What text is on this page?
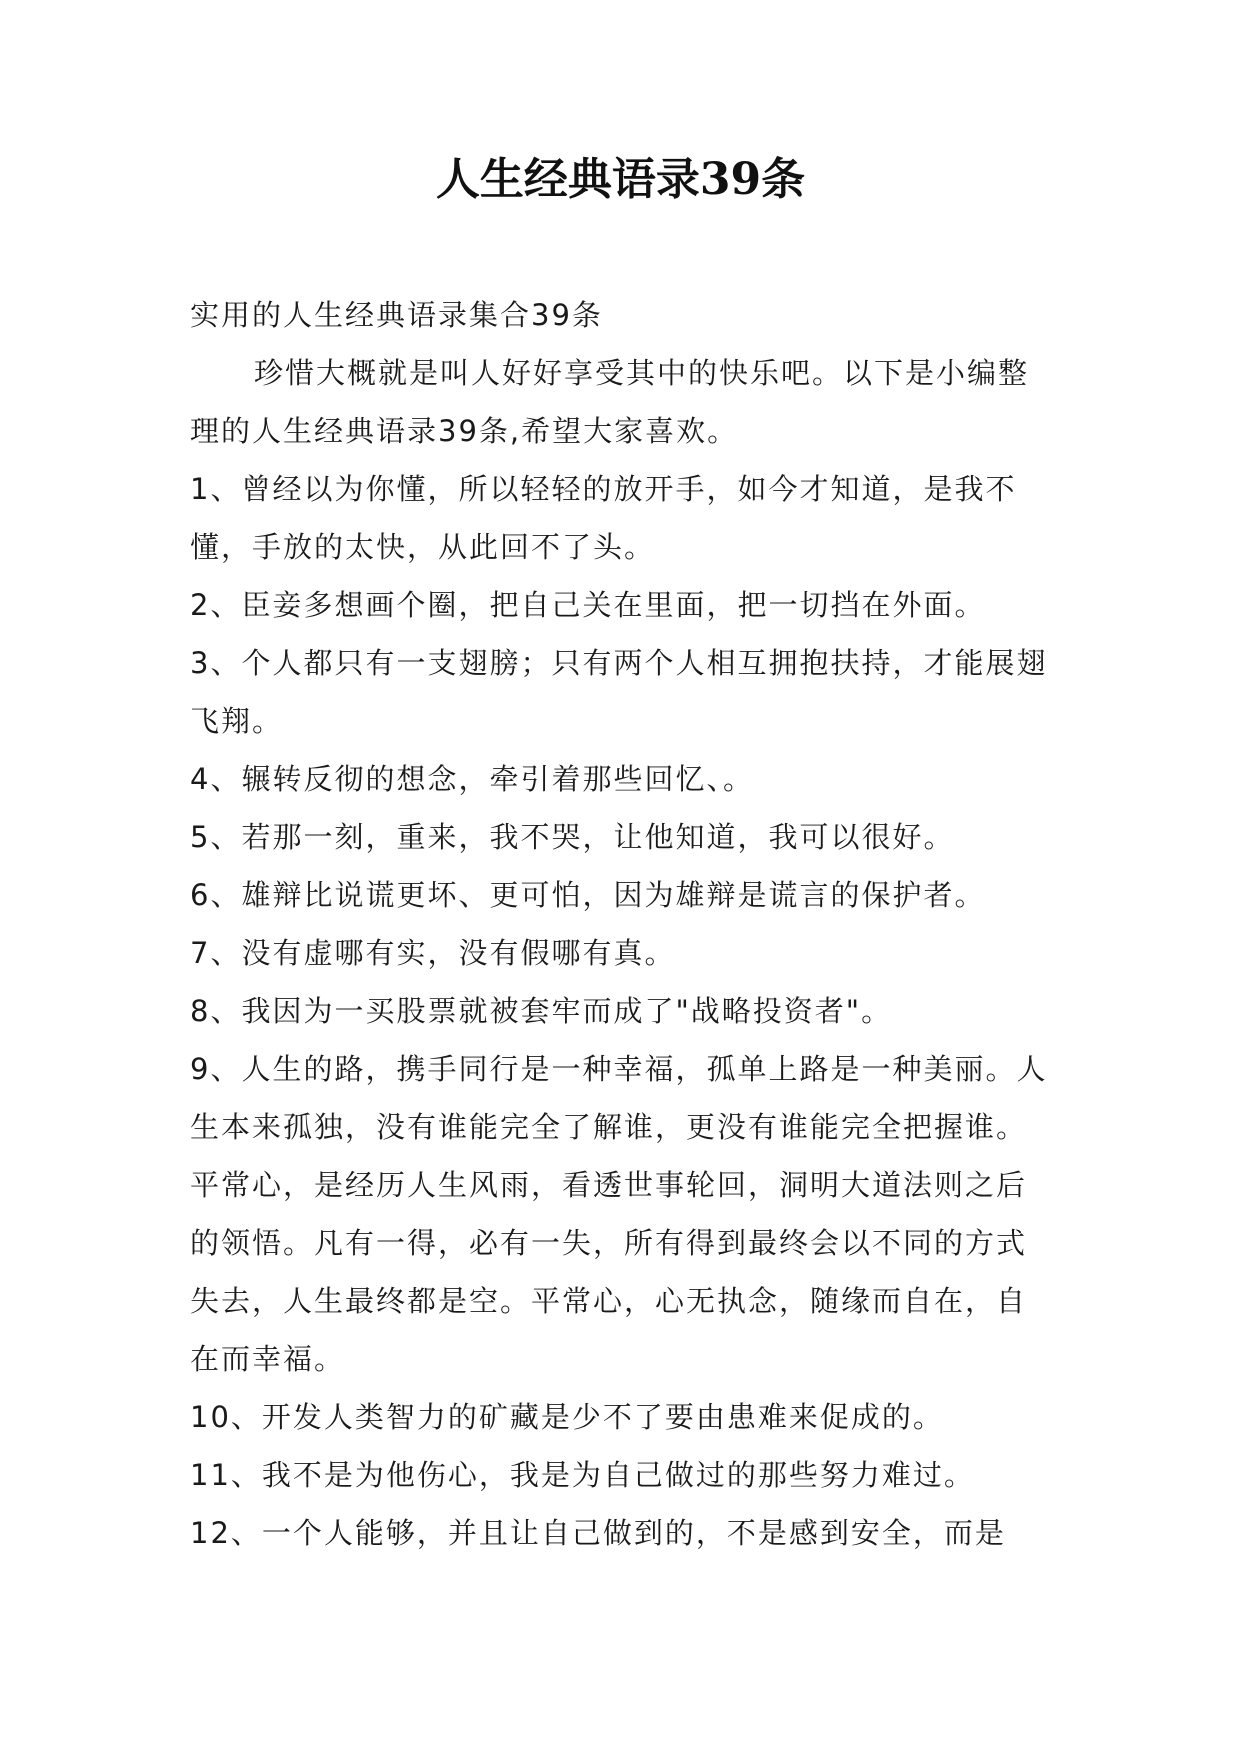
人生经典语录39条

实用的人生经典语录集合39条

珍惜大概就是叫人好好享受其中的快乐吧。以下是小编整理的人生经典语录39条,希望大家喜欢。

1、曾经以为你懂，所以轻轻的放开手，如今才知道，是我不懂，手放的太快，从此回不了头。

2、臣妾多想画个圈，把自己关在里面，把一切挡在外面。

3、个人都只有一支翅膀；只有两个人相互拥抱扶持，才能展翅飞翔。

4、辗转反彻的想念，牵引着那些回忆、。

5、若那一刻，重来，我不哭，让他知道，我可以很好。

6、雄辩比说谎更坏、更可怕，因为雄辩是谎言的保护者。

7、没有虚哪有实，没有假哪有真。

8、我因为一买股票就被套牢而成了"战略投资者"。

9、人生的路，携手同行是一种幸福，孤单上路是一种美丽。人生本来孤独，没有谁能完全了解谁，更没有谁能完全把握谁。平常心，是经历人生风雨，看透世事轮回，洞明大道法则之后的领悟。凡有一得，必有一失，所有得到最终会以不同的方式失去，人生最终都是空。平常心，心无执念，随缘而自在，自在而幸福。

10、开发人类智力的矿藏是少不了要由患难来促成的。

11、我不是为他伤心，我是为自己做过的那些努力难过。

12、一个人能够，并且让自己做到的，不是感到安全，而是
